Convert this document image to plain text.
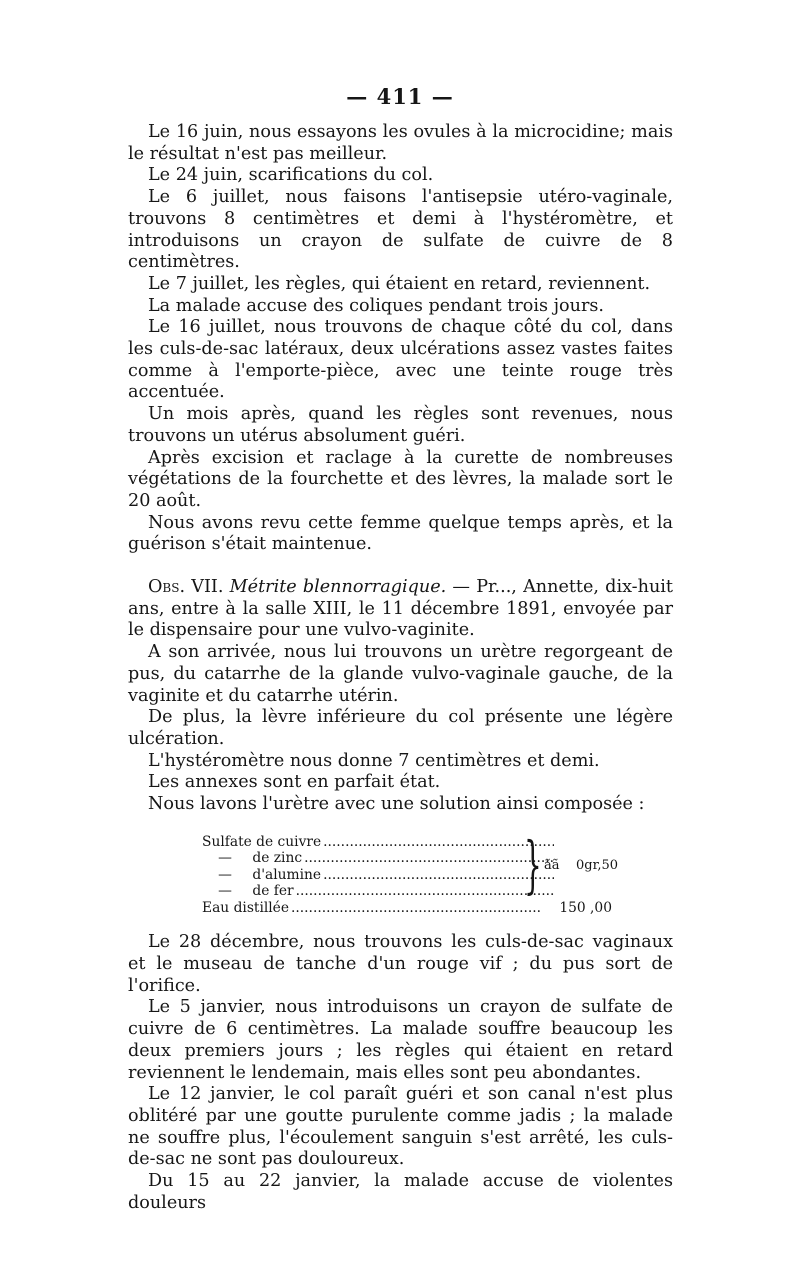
— 411 —

Le 16 juin, nous essayons les ovules à la microcidine; mais le résultat n'est pas meilleur.

Le 24 juin, scarifications du col.

Le 6 juillet, nous faisons l'antisepsie utéro-vaginale, trouvons 8 centimètres et demi à l'hystéromètre, et introduisons un crayon de sulfate de cuivre de 8 centimètres.

Le 7 juillet, les règles, qui étaient en retard, reviennent.

La malade accuse des coliques pendant trois jours.

Le 16 juillet, nous trouvons de chaque côté du col, dans les culs-de-sac latéraux, deux ulcérations assez vastes faites comme à l'emporte-pièce, avec une teinte rouge très accentuée.

Un mois après, quand les règles sont revenues, nous trouvons un utérus absolument guéri.

Après excision et raclage à la curette de nombreuses végétations de la fourchette et des lèvres, la malade sort le 20 août.

Nous avons revu cette femme quelque temps après, et la guérison s'était maintenue.

Obs. VII. Métrite blennorragique. — Pr..., Annette, dix-huit ans, entre à la salle XIII, le 11 décembre 1891, envoyée par le dispensaire pour une vulvo-vaginite.

A son arrivée, nous lui trouvons un urètre regorgeant de pus, du catarrhe de la glande vulvo-vaginale gauche, de la vaginite et du catarrhe utérin.

De plus, la lèvre inférieure du col présente une légère ulcération.

L'hystéromètre nous donne 7 centimètres et demi.

Les annexes sont en parfait état.

Nous lavons l'urètre avec une solution ainsi composée :

Sulfate de cuivre
.....
— de zinc
.....
— d'alumine
.....
— de fer
.....
Eau distillée
.....	150 ,00
} ãã 0gr,50

Le 28 décembre, nous trouvons les culs-de-sac vaginaux et le museau de tanche d'un rouge vif ; du pus sort de l'orifice.

Le 5 janvier, nous introduisons un crayon de sulfate de cuivre de 6 centimètres. La malade souffre beaucoup les deux premiers jours ; les règles qui étaient en retard reviennent le lendemain, mais elles sont peu abondantes.

Le 12 janvier, le col paraît guéri et son canal n'est plus oblitéré par une goutte purulente comme jadis ; la malade ne souffre plus, l'écoulement sanguin s'est arrêté, les culs-de-sac ne sont pas douloureux.

Du 15 au 22 janvier, la malade accuse de violentes douleurs
